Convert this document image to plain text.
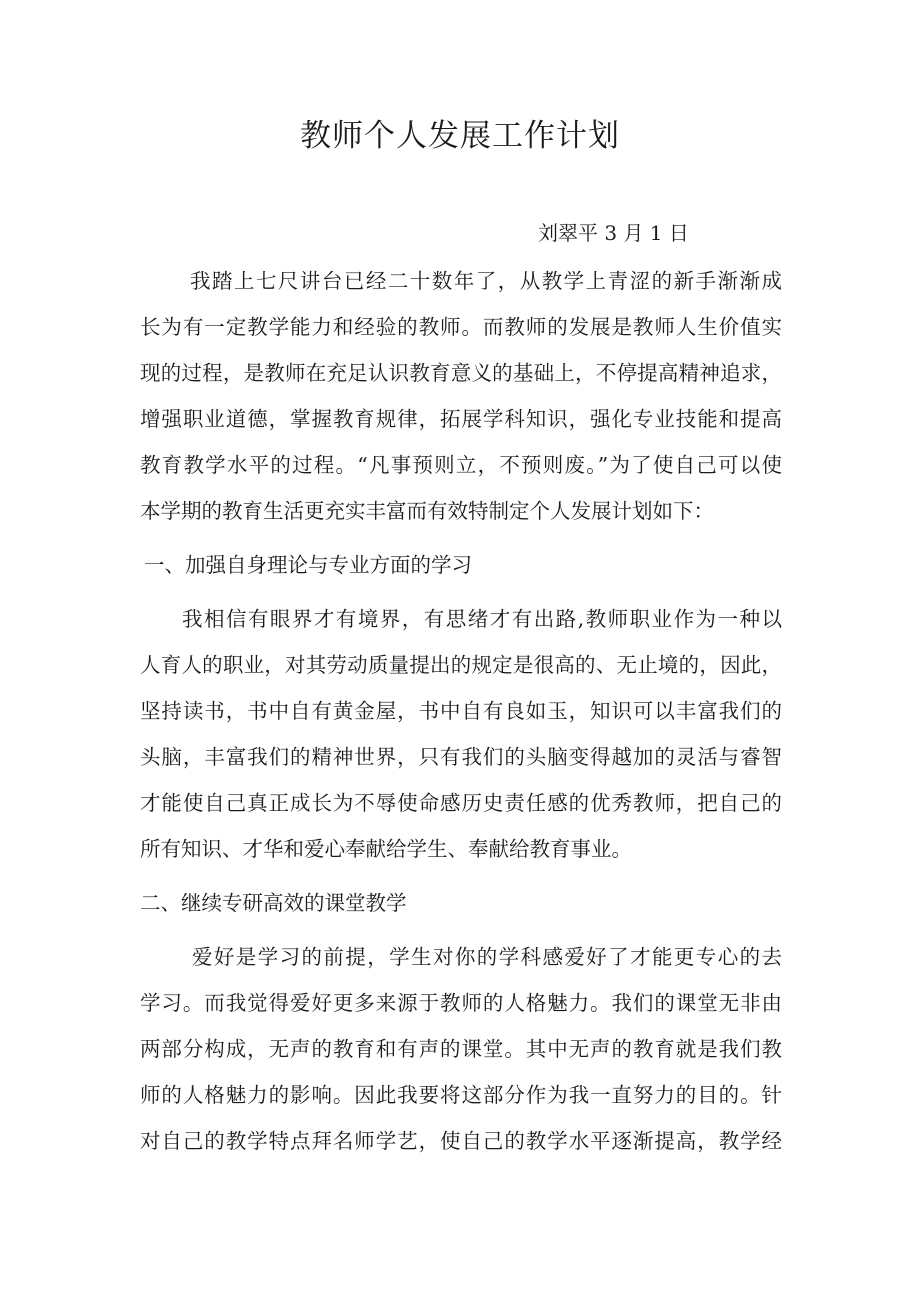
教师个人发展工作计划
刘翠平 3 月 1 日
我踏上七尺讲台已经二十数年了，从教学上青涩的新手渐渐成
长为有一定教学能力和经验的教师。而教师的发展是教师人生价值实
现的过程，是教师在充足认识教育意义的基础上，不停提高精神追求，
增强职业道德，掌握教育规律，拓展学科知识，强化专业技能和提高
教育教学水平的过程。“凡事预则立，不预则废。”为了使自己可以使
本学期的教育生活更充实丰富而有效特制定个人发展计划如下：
一、加强自身理论与专业方面的学习
我相信有眼界才有境界，有思绪才有出路,教师职业作为一种以
人育人的职业，对其劳动质量提出的规定是很高的、无止境的，因此，
坚持读书，书中自有黄金屋，书中自有良如玉，知识可以丰富我们的
头脑，丰富我们的精神世界，只有我们的头脑变得越加的灵活与睿智
才能使自己真正成长为不辱使命感历史责任感的优秀教师，把自己的
所有知识、才华和爱心奉献给学生、奉献给教育事业。
二、继续专研高效的课堂教学
爱好是学习的前提，学生对你的学科感爱好了才能更专心的去
学习。而我觉得爱好更多来源于教师的人格魅力。我们的课堂无非由
两部分构成，无声的教育和有声的课堂。其中无声的教育就是我们教
师的人格魅力的影响。因此我要将这部分作为我一直努力的目的。针
对自己的教学特点拜名师学艺，使自己的教学水平逐渐提高，教学经
